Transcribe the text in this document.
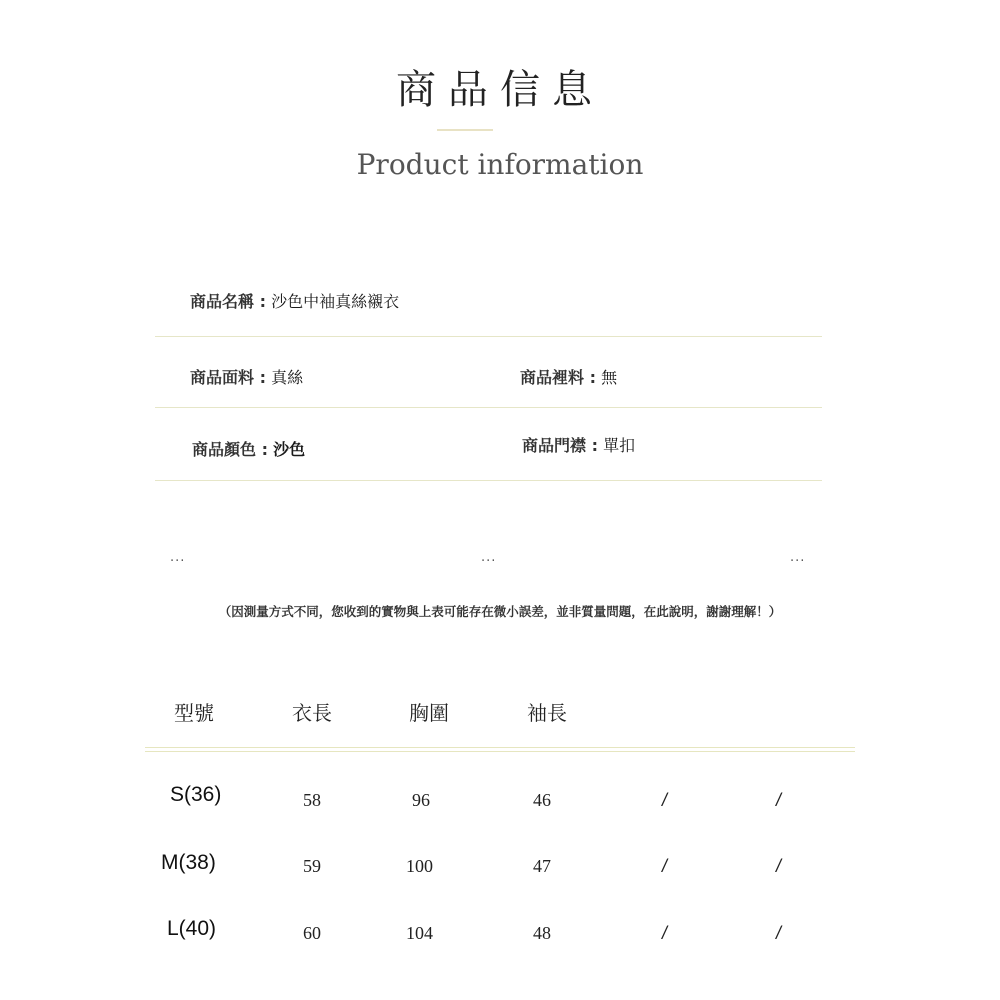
商品信息
Product information
商品名稱 : 沙色中袖真絲襯衣
商品面料 : 真絲	商品裡料 : 無
商品顏色 : 沙色	商品門襟 : 單扣
...	...	...
（因測量方式不同，您收到的實物與上表可能存在微小誤差，並非質量問題，在此說明，謝謝理解！）
型號	衣長	胸圍	袖長
S(36)	58	96	46	/	/
M(38)	59	100	47	/	/
L(40)	60	104	48	/	/
